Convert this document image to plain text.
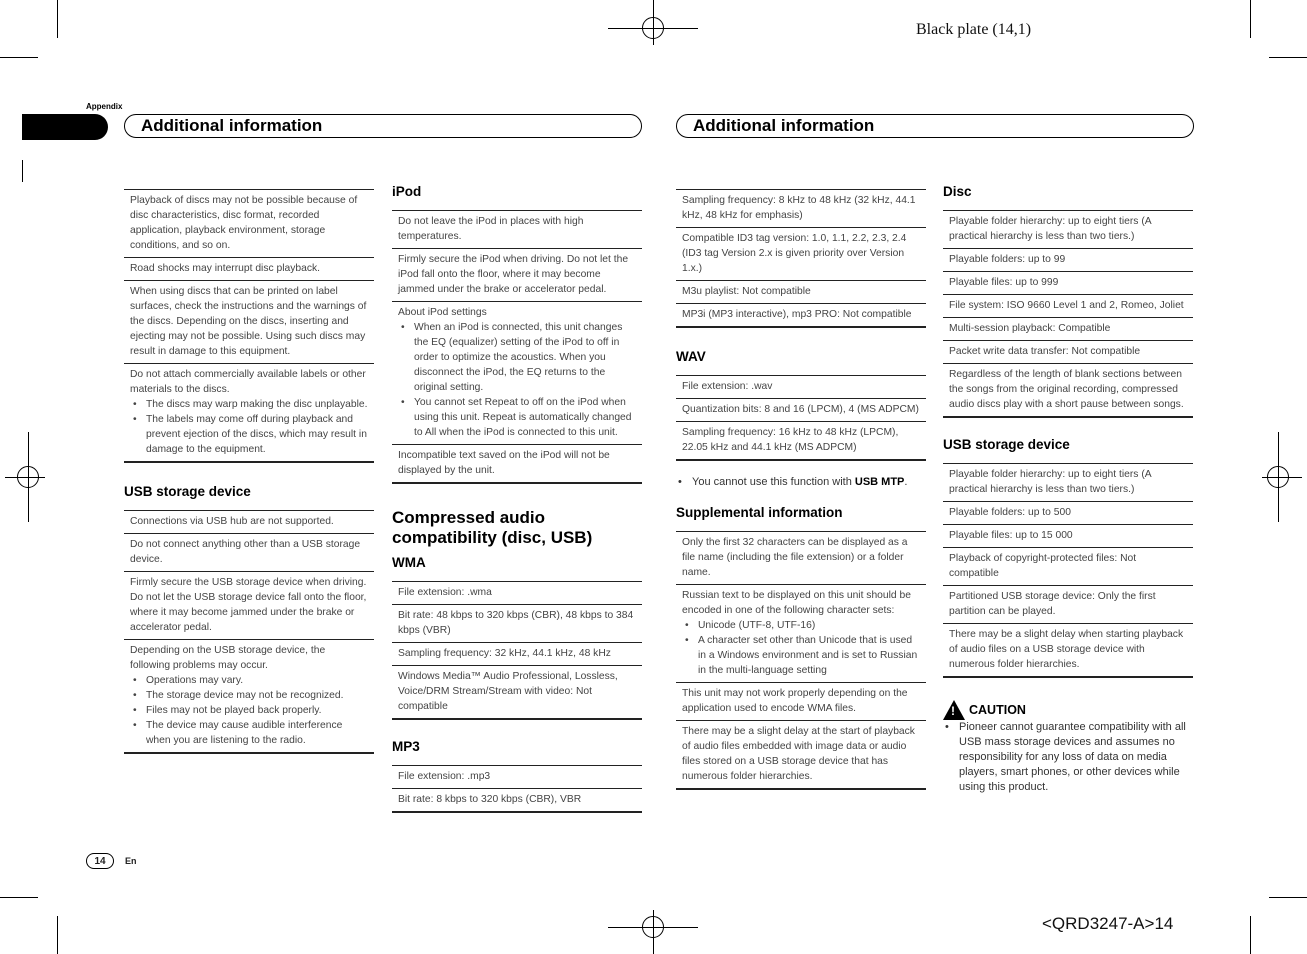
Black plate (14,1)
Appendix
Additional information	Additional information
Playback of discs may not be possible because of disc characteristics, disc format, recorded application, playback environment, storage conditions, and so on.
Road shocks may interrupt disc playback.
When using discs that can be printed on label surfaces, check the instructions and the warnings of the discs. Depending on the discs, inserting and ejecting may not be possible. Using such discs may result in damage to this equipment.
Do not attach commercially available labels or other materials to the discs.
• The discs may warp making the disc unplayable.
• The labels may come off during playback and prevent ejection of the discs, which may result in damage to the equipment.
USB storage device
Connections via USB hub are not supported.
Do not connect anything other than a USB storage device.
Firmly secure the USB storage device when driving. Do not let the USB storage device fall onto the floor, where it may become jammed under the brake or accelerator pedal.
Depending on the USB storage device, the following problems may occur.
• Operations may vary.
• The storage device may not be recognized.
• Files may not be played back properly.
• The device may cause audible interference when you are listening to the radio.
iPod
Do not leave the iPod in places with high temperatures.
Firmly secure the iPod when driving. Do not let the iPod fall onto the floor, where it may become jammed under the brake or accelerator pedal.
About iPod settings
• When an iPod is connected, this unit changes the EQ (equalizer) setting of the iPod to off in order to optimize the acoustics. When you disconnect the iPod, the EQ returns to the original setting.
• You cannot set Repeat to off on the iPod when using this unit. Repeat is automatically changed to All when the iPod is connected to this unit.
Incompatible text saved on the iPod will not be displayed by the unit.
Compressed audio compatibility (disc, USB)
WMA
File extension: .wma
Bit rate: 48 kbps to 320 kbps (CBR), 48 kbps to 384 kbps (VBR)
Sampling frequency: 32 kHz, 44.1 kHz, 48 kHz
Windows Media™ Audio Professional, Lossless, Voice/DRM Stream/Stream with video: Not compatible
MP3
File extension: .mp3
Bit rate: 8 kbps to 320 kbps (CBR), VBR
Sampling frequency: 8 kHz to 48 kHz (32 kHz, 44.1 kHz, 48 kHz for emphasis)
Compatible ID3 tag version: 1.0, 1.1, 2.2, 2.3, 2.4 (ID3 tag Version 2.x is given priority over Version 1.x.)
M3u playlist: Not compatible
MP3i (MP3 interactive), mp3 PRO: Not compatible
WAV
File extension: .wav
Quantization bits: 8 and 16 (LPCM), 4 (MS ADPCM)
Sampling frequency: 16 kHz to 48 kHz (LPCM), 22.05 kHz and 44.1 kHz (MS ADPCM)
• You cannot use this function with USB MTP.
Supplemental information
Only the first 32 characters can be displayed as a file name (including the file extension) or a folder name.
Russian text to be displayed on this unit should be encoded in one of the following character sets:
• Unicode (UTF-8, UTF-16)
• A character set other than Unicode that is used in a Windows environment and is set to Russian in the multi-language setting
This unit may not work properly depending on the application used to encode WMA files.
There may be a slight delay at the start of playback of audio files embedded with image data or audio files stored on a USB storage device that has numerous folder hierarchies.
Disc
Playable folder hierarchy: up to eight tiers (A practical hierarchy is less than two tiers.)
Playable folders: up to 99
Playable files: up to 999
File system: ISO 9660 Level 1 and 2, Romeo, Joliet
Multi-session playback: Compatible
Packet write data transfer: Not compatible
Regardless of the length of blank sections between the songs from the original recording, compressed audio discs play with a short pause between songs.
USB storage device
Playable folder hierarchy: up to eight tiers (A practical hierarchy is less than two tiers.)
Playable folders: up to 500
Playable files: up to 15 000
Playback of copyright-protected files: Not compatible
Partitioned USB storage device: Only the first partition can be played.
There may be a slight delay when starting playback of audio files on a USB storage device with numerous folder hierarchies.
! CAUTION
• Pioneer cannot guarantee compatibility with all USB mass storage devices and assumes no responsibility for any loss of data on media players, smart phones, or other devices while using this product.
14	En
<QRD3247-A>14
